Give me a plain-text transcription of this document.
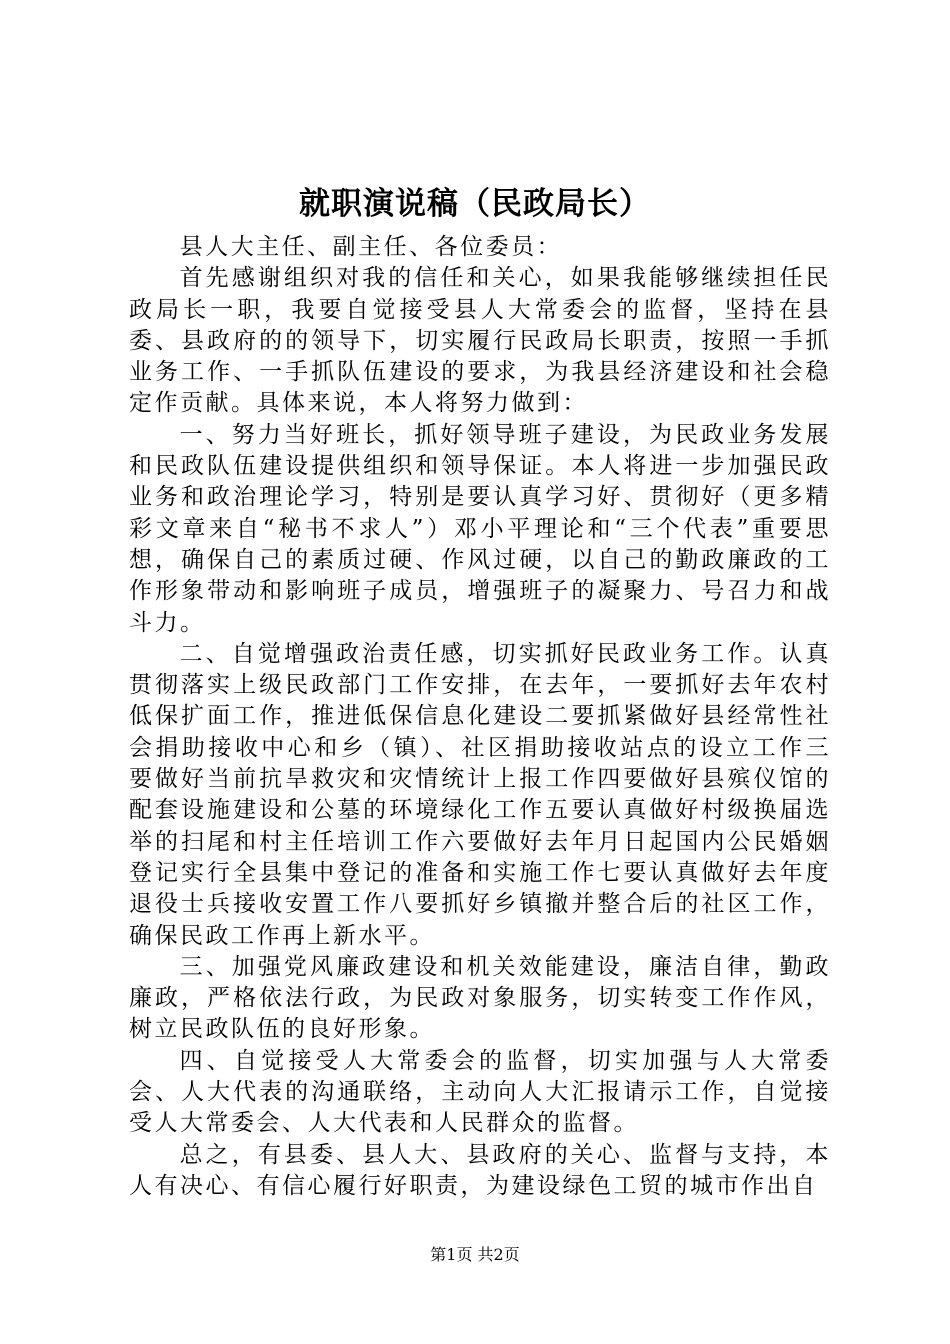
就职演说稿（民政局长）

县人大主任、副主任、各位委员：

首先感谢组织对我的信任和关心，如果我能够继续担任民政局长一职，我要自觉接受县人大常委会的监督，坚持在县委、县政府的的领导下，切实履行民政局长职责，按照一手抓业务工作、一手抓队伍建设的要求，为我县经济建设和社会稳定作贡献。具体来说，本人将努力做到：

一、努力当好班长，抓好领导班子建设，为民政业务发展和民政队伍建设提供组织和领导保证。本人将进一步加强民政业务和政治理论学习，特别是要认真学习好、贯彻好（更多精彩文章来自“秘书不求人”）邓小平理论和“三个代表”重要思想，确保自己的素质过硬、作风过硬，以自己的勤政廉政的工作形象带动和影响班子成员，增强班子的凝聚力、号召力和战斗力。

二、自觉增强政治责任感，切实抓好民政业务工作。认真贯彻落实上级民政部门工作安排，在去年，一要抓好去年农村低保扩面工作，推进低保信息化建设二要抓紧做好县经常性社会捐助接收中心和乡（镇）、社区捐助接收站点的设立工作三要做好当前抗旱救灾和灾情统计上报工作四要做好县殡仪馆的配套设施建设和公墓的环境绿化工作五要认真做好村级换届选举的扫尾和村主任培训工作六要做好去年月日起国内公民婚姻登记实行全县集中登记的准备和实施工作七要认真做好去年度退役士兵接收安置工作八要抓好乡镇撤并整合后的社区工作，确保民政工作再上新水平。

三、加强党风廉政建设和机关效能建设，廉洁自律，勤政廉政，严格依法行政，为民政对象服务，切实转变工作作风，树立民政队伍的良好形象。

四、自觉接受人大常委会的监督，切实加强与人大常委会、人大代表的沟通联络，主动向人大汇报请示工作，自觉接受人大常委会、人大代表和人民群众的监督。

总之，有县委、县人大、县政府的关心、监督与支持，本人有决心、有信心履行好职责，为建设绿色工贸的城市作出自

第1页 共2页
